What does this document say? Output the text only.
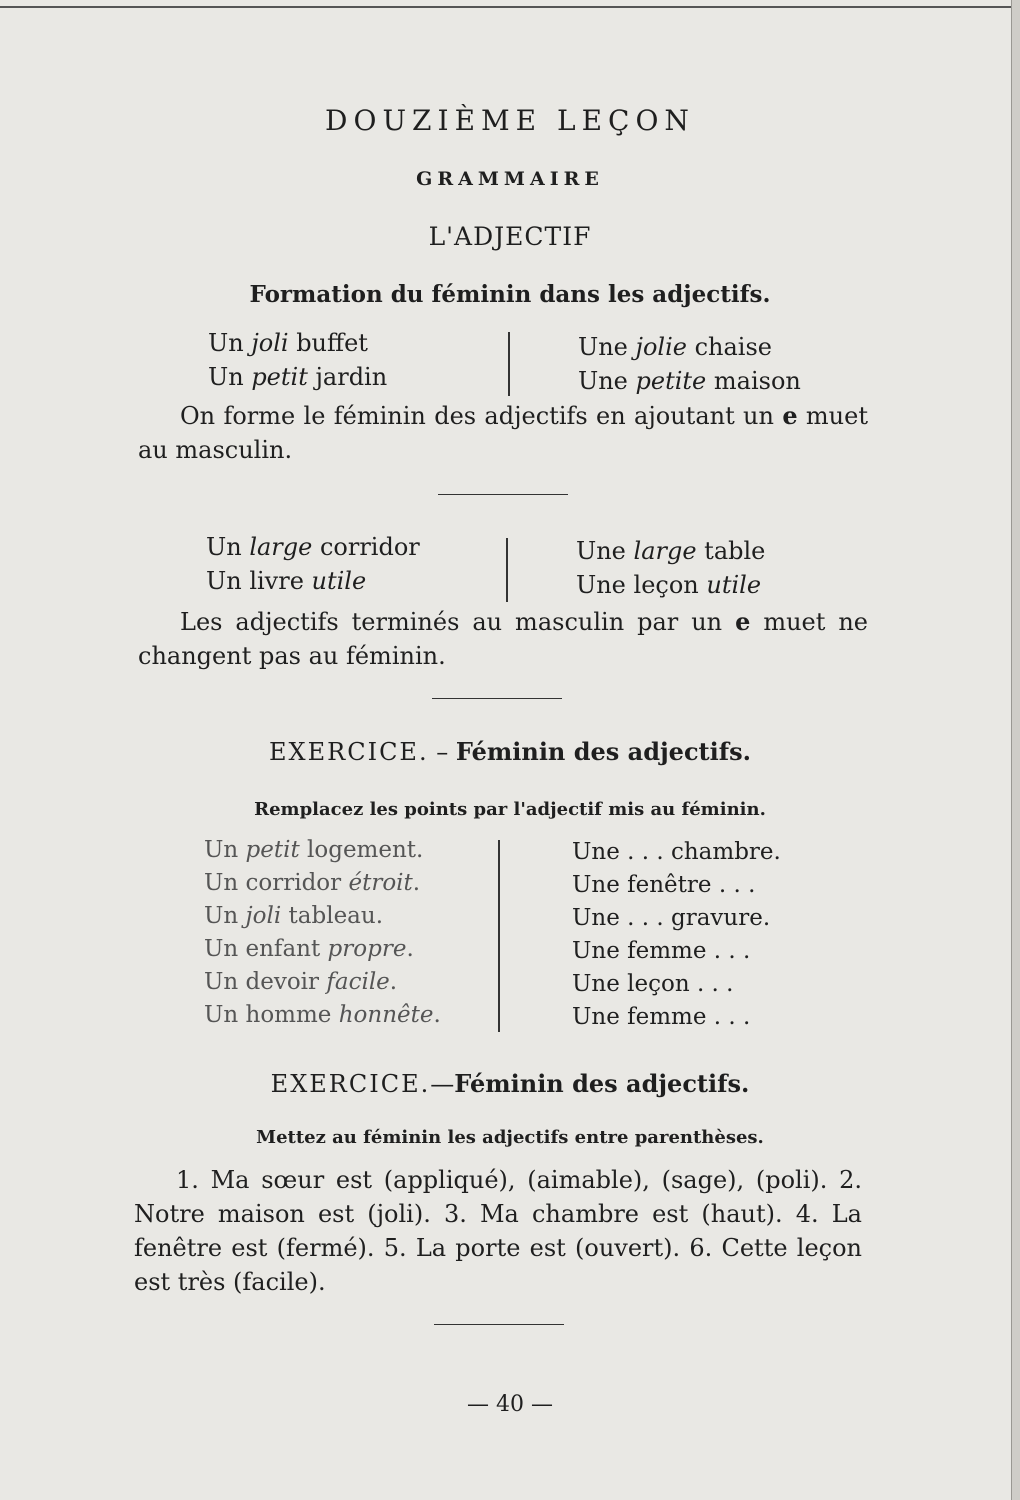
DOUZIÈME LEÇON
GRAMMAIRE
L'ADJECTIF
Formation du féminin dans les adjectifs.
Un joli buffet
Un petit jardin
Une jolie chaise
Une petite maison
On forme le féminin des adjectifs en ajoutant un e muet au masculin.
Un large corridor
Un livre utile
Une large table
Une leçon utile
Les adjectifs terminés au masculin par un e muet ne changent pas au féminin.
EXERCICE. – Féminin des adjectifs.
Remplacez les points par l'adjectif mis au féminin.
Un petit logement.
Un corridor étroit.
Un joli tableau.
Un enfant propre.
Un devoir facile.
Un homme honnête.
Une . . . chambre.
Une fenêtre . . .
Une . . . gravure.
Une femme . . .
Une leçon . . .
Une femme . . .
EXERCICE.—Féminin des adjectifs.
Mettez au féminin les adjectifs entre parenthèses.
1. Ma sœur est (appliqué), (aimable), (sage), (poli). 2. Notre maison est (joli). 3. Ma chambre est (haut). 4. La fenêtre est (fermé). 5. La porte est (ouvert). 6. Cette leçon est très (facile).
— 40 —
